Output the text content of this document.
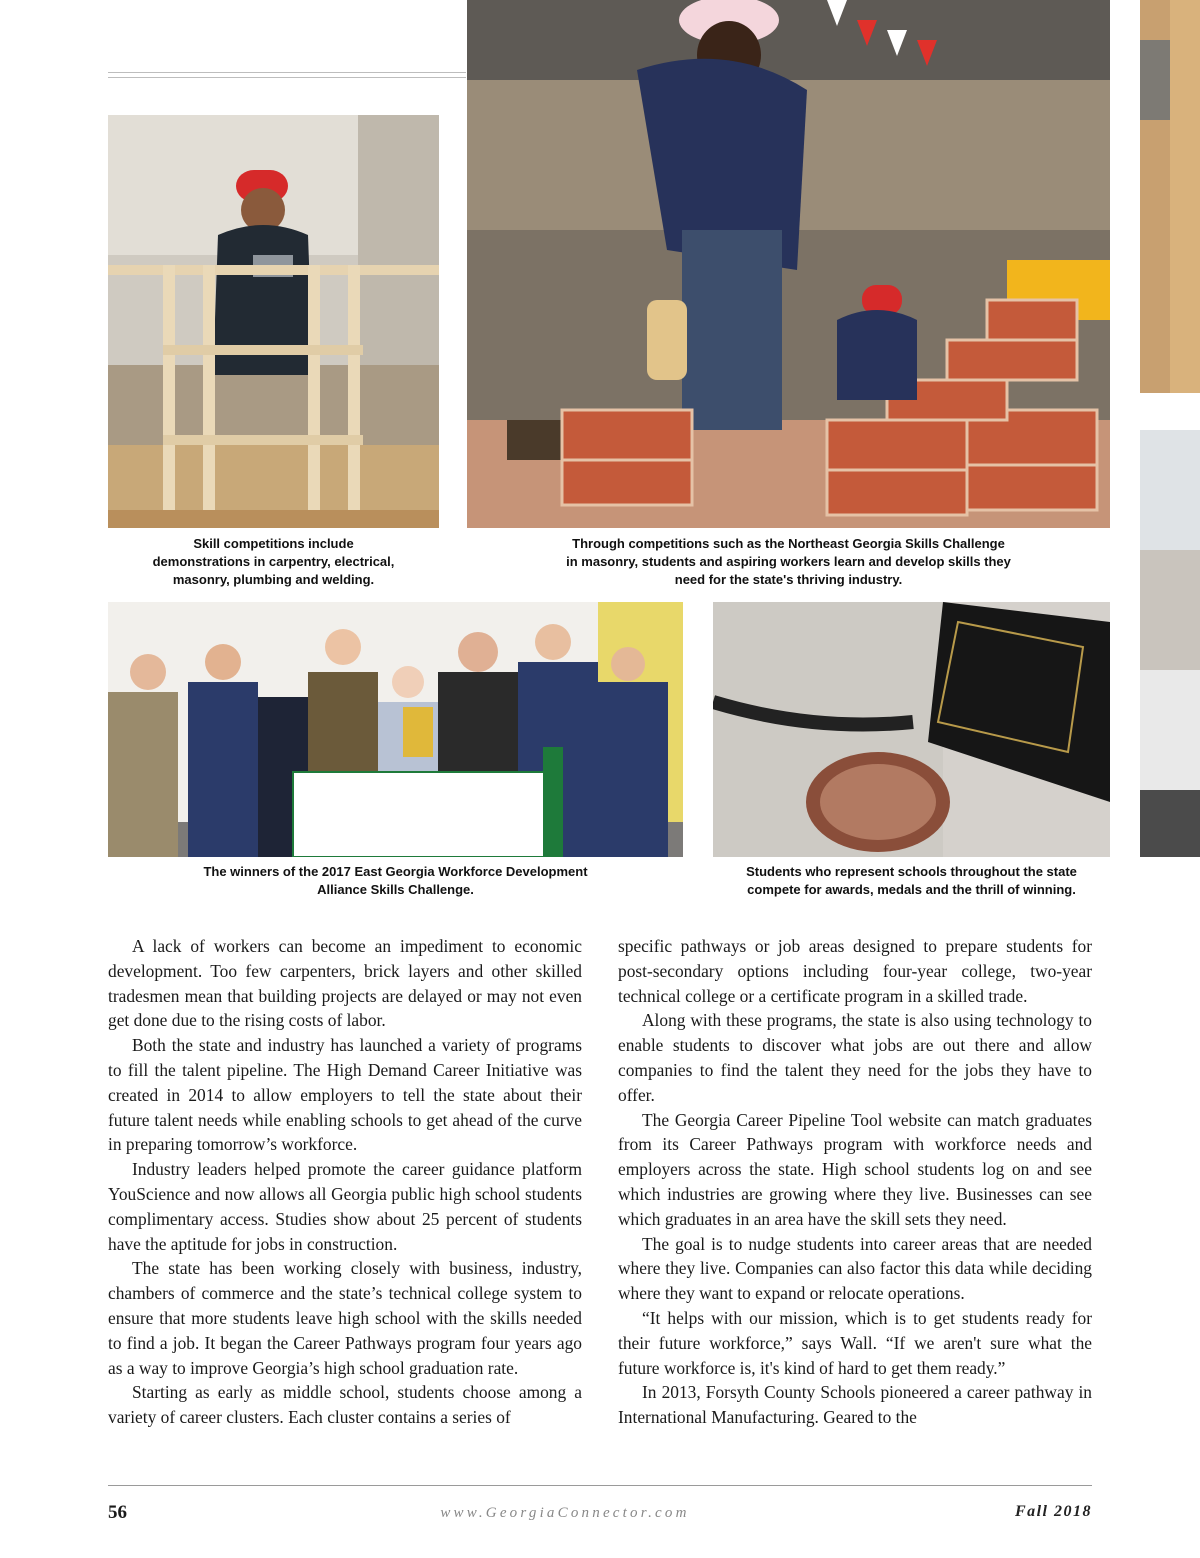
Skill competitions include
demonstrations in carpentry, electrical,
masonry, plumbing and welding.
Through competitions such as the Northeast Georgia Skills Challenge
in masonry, students and aspiring workers learn and develop skills they
need for the state's thriving industry.
The winners of the 2017 East Georgia Workforce Development
Alliance Skills Challenge.
Students who represent schools throughout the state
compete for awards, medals and the thrill of winning.

A lack of workers can become an impediment to economic development. Too few carpenters, brick layers and other skilled tradesmen mean that building projects are delayed or may not even get done due to the rising costs of labor.

Both the state and industry has launched a variety of programs to fill the talent pipeline. The High Demand Career Initiative was created in 2014 to allow employers to tell the state about their future talent needs while enabling schools to get ahead of the curve in preparing tomorrow’s workforce.

Industry leaders helped promote the career guidance platform YouScience and now allows all Georgia public high school students complimentary access. Studies show about 25 percent of students have the aptitude for jobs in construction.

The state has been working closely with business, industry, chambers of commerce and the state’s technical college system to ensure that more students leave high school with the skills needed to find a job. It began the Career Pathways program four years ago as a way to improve Georgia’s high school graduation rate.

Starting as early as middle school, students choose among a variety of career clusters. Each cluster contains a series of

specific pathways or job areas designed to prepare students for post-secondary options including four-year college, two-year technical college or a certificate program in a skilled trade.

Along with these programs, the state is also using technology to enable students to discover what jobs are out there and allow companies to find the talent they need for the jobs they have to offer.

The Georgia Career Pipeline Tool website can match graduates from its Career Pathways program with workforce needs and employers across the state. High school students log on and see which industries are growing where they live. Businesses can see which graduates in an area have the skill sets they need.

The goal is to nudge students into career areas that are needed where they live. Companies can also factor this data while deciding where they want to expand or relocate operations.

“It helps with our mission, which is to get students ready for their future workforce,” says Wall. “If we aren't sure what the future workforce is, it's kind of hard to get them ready.”

In 2013, Forsyth County Schools pioneered a career pathway in International Manufacturing. Geared to the

56	www.GeorgiaConnector.com	Fall 2018
